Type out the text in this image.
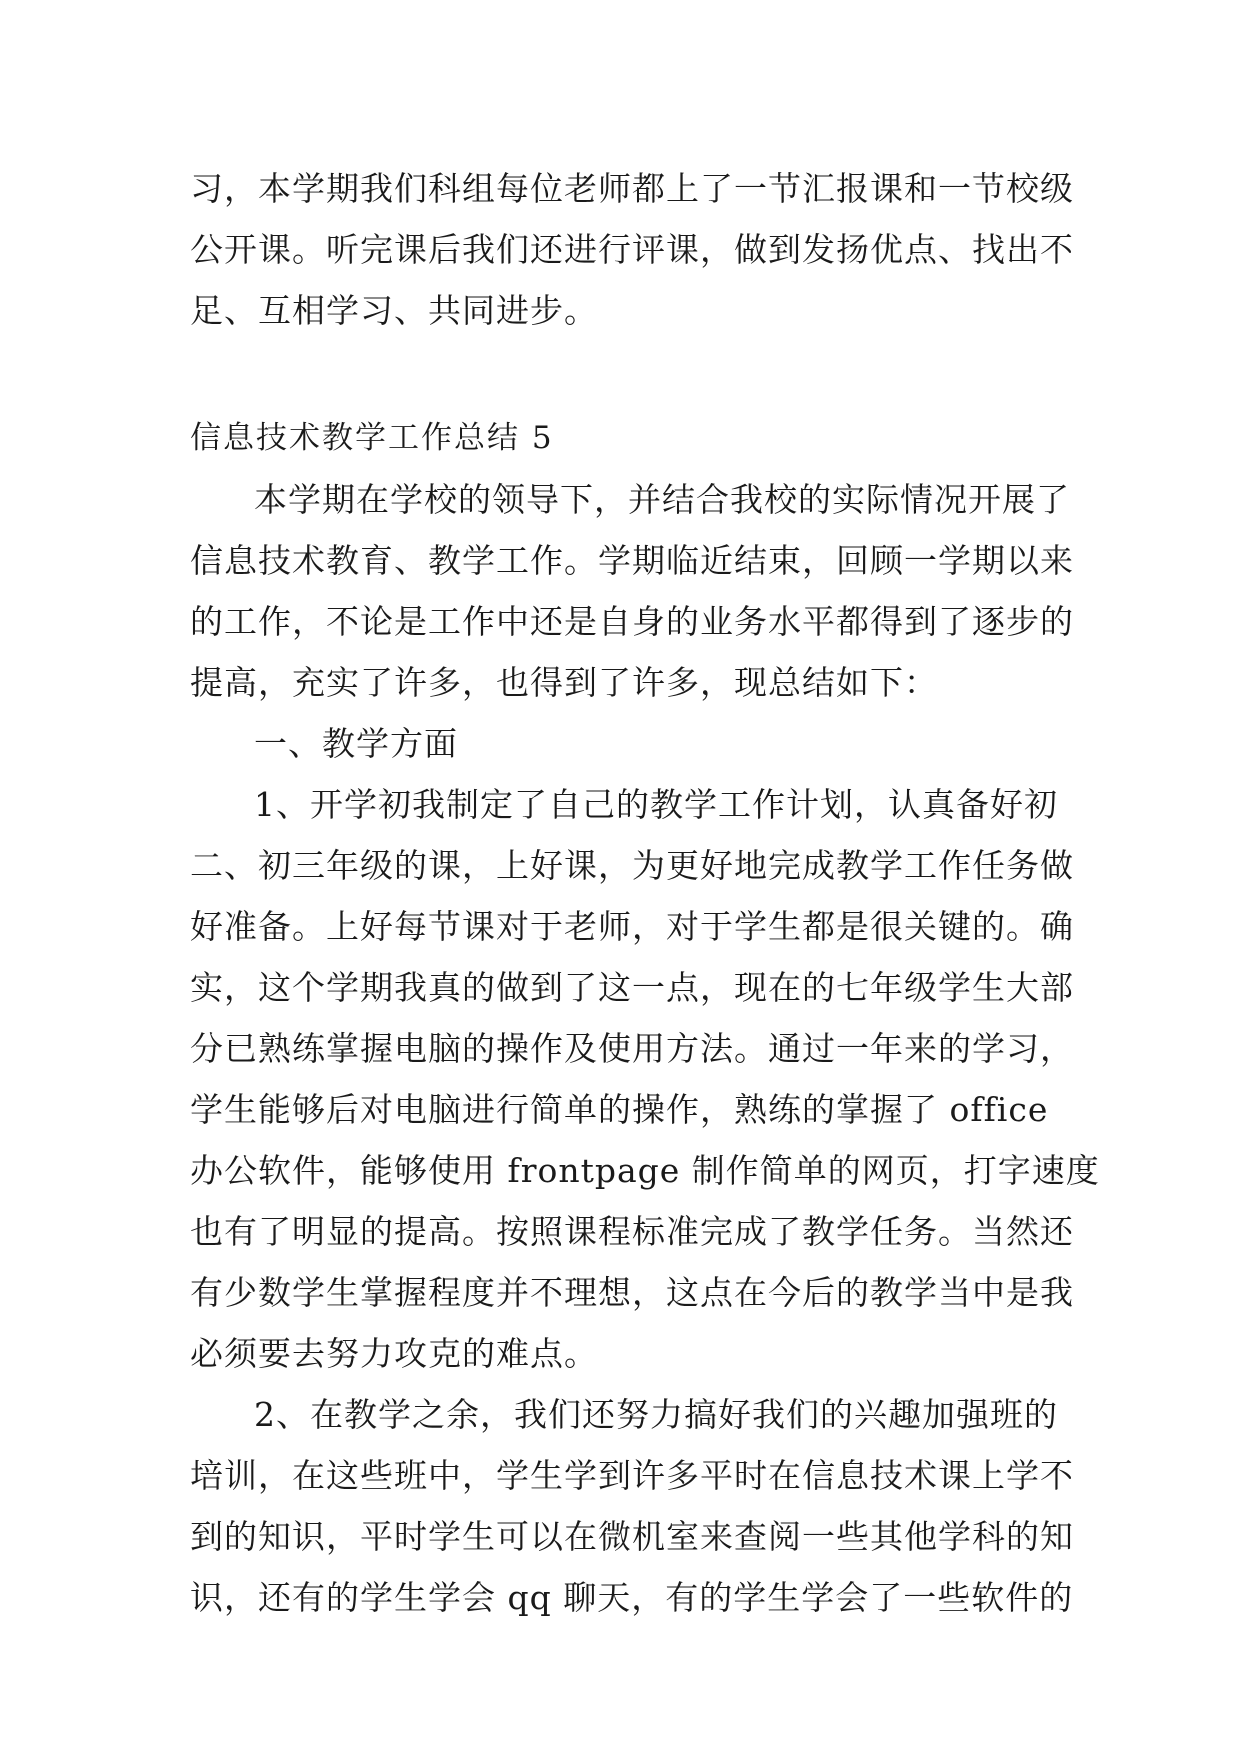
习，本学期我们科组每位老师都上了一节汇报课和一节校级
公开课。听完课后我们还进行评课，做到发扬优点、找出不
足、互相学习、共同进步。
信息技术教学工作总结 5
本学期在学校的领导下，并结合我校的实际情况开展了
信息技术教育、教学工作。学期临近结束，回顾一学期以来
的工作，不论是工作中还是自身的业务水平都得到了逐步的
提高，充实了许多，也得到了许多，现总结如下：
一、教学方面
1、开学初我制定了自己的教学工作计划，认真备好初
二、初三年级的课，上好课，为更好地完成教学工作任务做
好准备。上好每节课对于老师，对于学生都是很关键的。确
实，这个学期我真的做到了这一点，现在的七年级学生大部
分已熟练掌握电脑的操作及使用方法。通过一年来的学习，
学生能够后对电脑进行简单的操作，熟练的掌握了 office
办公软件，能够使用 frontpage 制作简单的网页，打字速度
也有了明显的提高。按照课程标准完成了教学任务。当然还
有少数学生掌握程度并不理想，这点在今后的教学当中是我
必须要去努力攻克的难点。
2、在教学之余，我们还努力搞好我们的兴趣加强班的
培训，在这些班中，学生学到许多平时在信息技术课上学不
到的知识，平时学生可以在微机室来查阅一些其他学科的知
识，还有的学生学会 qq 聊天，有的学生学会了一些软件的
